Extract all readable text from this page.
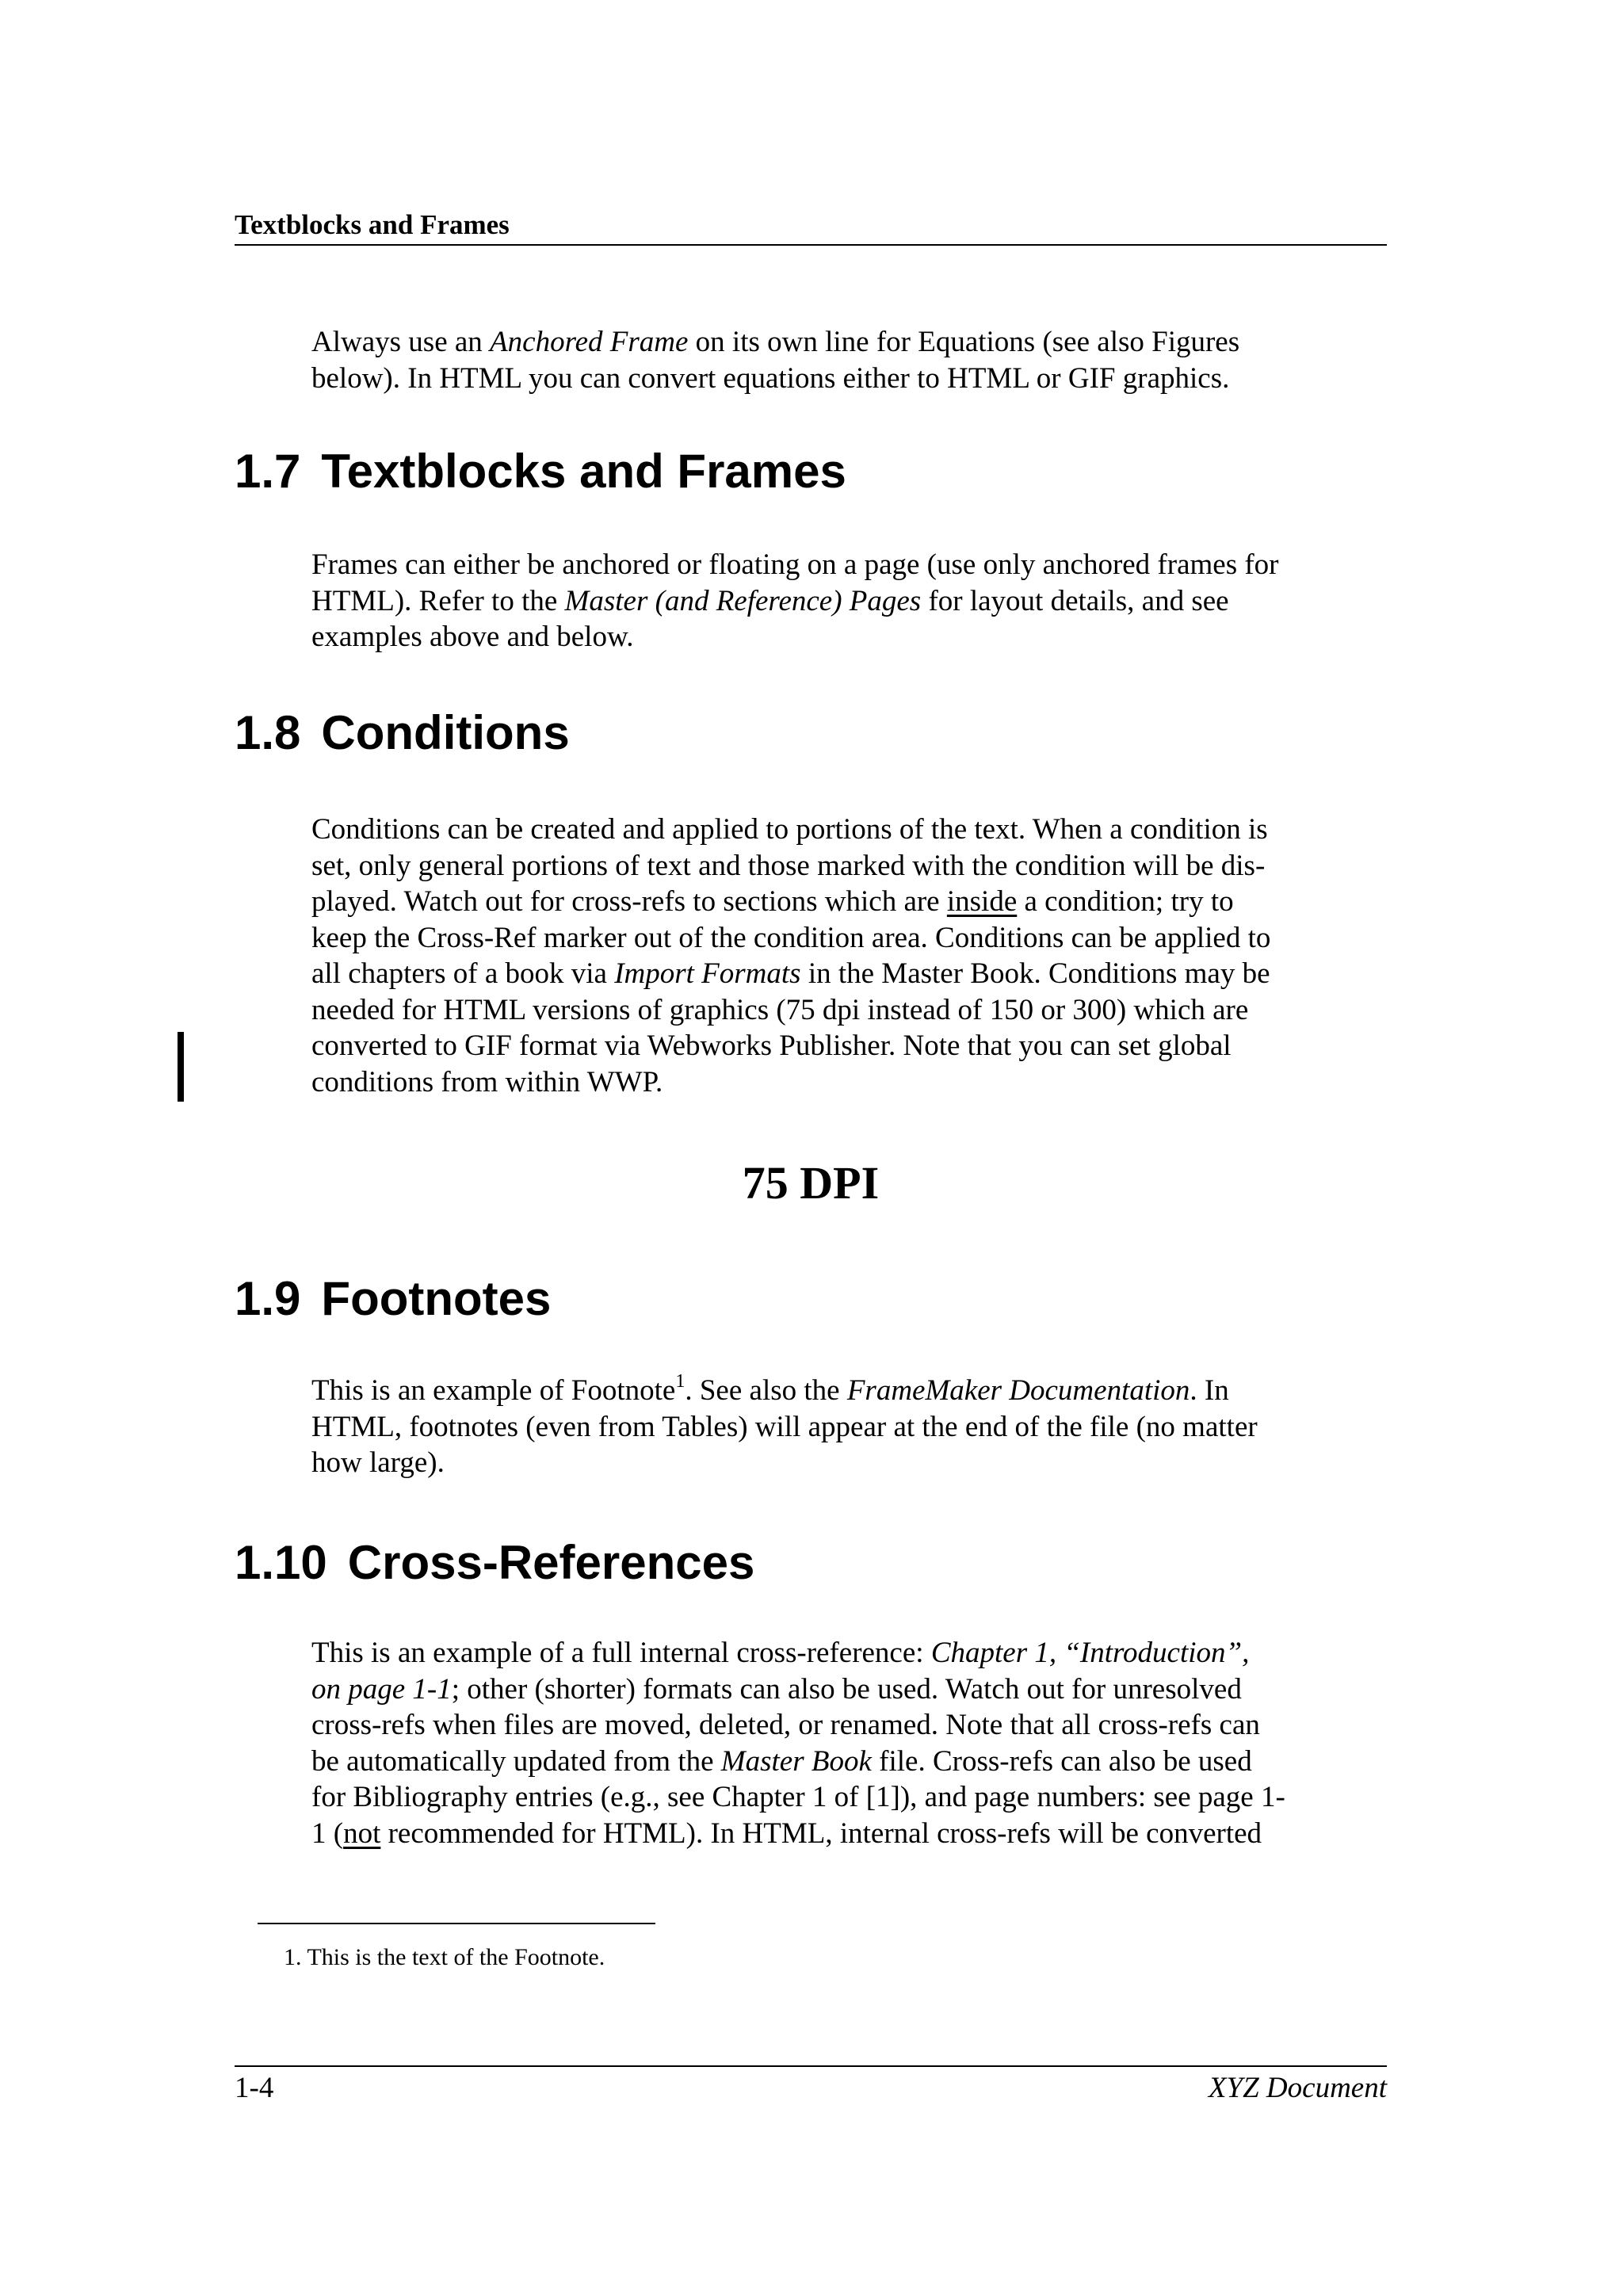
Textblocks and Frames

Always use an Anchored Frame on its own line for Equations (see also Figures
below). In HTML you can convert equations either to HTML or GIF graphics.

1.7 Textblocks and Frames

Frames can either be anchored or floating on a page (use only anchored frames for
HTML). Refer to the Master (and Reference) Pages for layout details, and see
examples above and below.

1.8 Conditions

Conditions can be created and applied to portions of the text. When a condition is
set, only general portions of text and those marked with the condition will be dis-
played. Watch out for cross-refs to sections which are inside a condition; try to
keep the Cross-Ref marker out of the condition area. Conditions can be applied to
all chapters of a book via Import Formats in the Master Book. Conditions may be
needed for HTML versions of graphics (75 dpi instead of 150 or 300) which are
converted to GIF format via Webworks Publisher. Note that you can set global
conditions from within WWP.

75 DPI
1.9 Footnotes

This is an example of Footnote$^1$. See also the FrameMaker Documentation. In
HTML, footnotes (even from Tables) will appear at the end of the file (no matter
how large).

1.10 Cross-References

This is an example of a full internal cross-reference: Chapter 1, “Introduction”,
on page 1-1; other (shorter) formats can also be used. Watch out for unresolved
cross-refs when files are moved, deleted, or renamed. Note that all cross-refs can
be automatically updated from the Master Book file. Cross-refs can also be used
for Bibliography entries (e.g., see Chapter 1 of [1]), and page numbers: see page 1-
1 (not recommended for HTML). In HTML, internal cross-refs will be converted

1. This is the text of the Footnote.
1-4	XYZ Document
